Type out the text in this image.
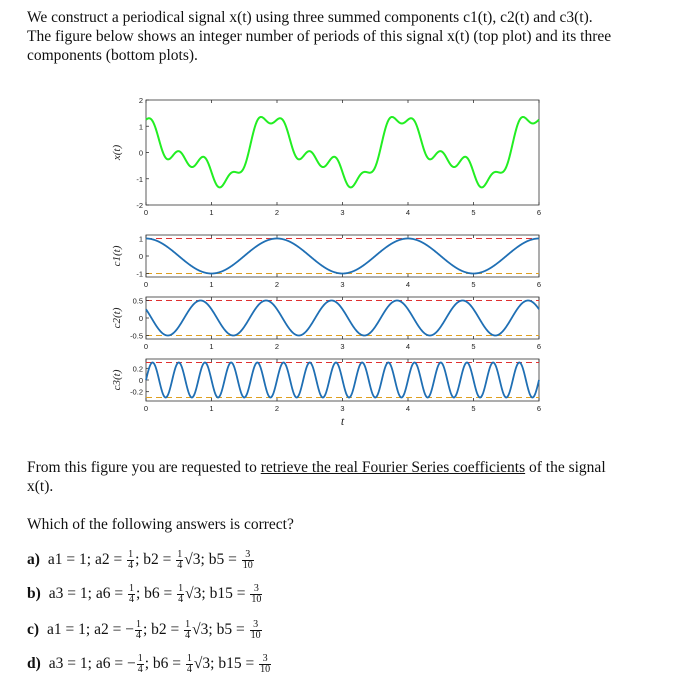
We construct a periodical signal x(t) using three summed components c1(t), c2(t) and c3(t).
The figure below shows an integer number of periods of this signal x(t) (top plot) and its three
components (bottom plots).
0	1	2	3	4	5	6
2
1
0
-1
-2
x(t)
0	1	2	3	4	5	6
1
0
-1
c1(t)
0	1	2	3	4	5	6
0.5
0
-0.5
c2(t)
0	1	2	3	4	5	6
0.2
0
-0.2
c3(t)
t
From this figure you are requested to retrieve the real Fourier Series coefficients of the signal
x(t).
Which of the following answers is correct?
a) a1 = 1; $a2 = \frac{1}{4}$ ; $b2 = \frac{1}{4} √3$; $b5 = \frac{3}{10}$
b) a3 = 1; $a6 = \frac{1}{4}$ ; $b6 = \frac{1}{4} √3$; $b15 = \frac{3}{10}$
c) a1 = 1; a2 = − $\frac{1}{4}$ ; $b2 = \frac{1}{4} √3$; $b5 = \frac{3}{10}$
d) a3 = 1; a6 = − $\frac{1}{4}$ ; $b6 = \frac{1}{4} √3$; $b15 = \frac{3}{10}$
